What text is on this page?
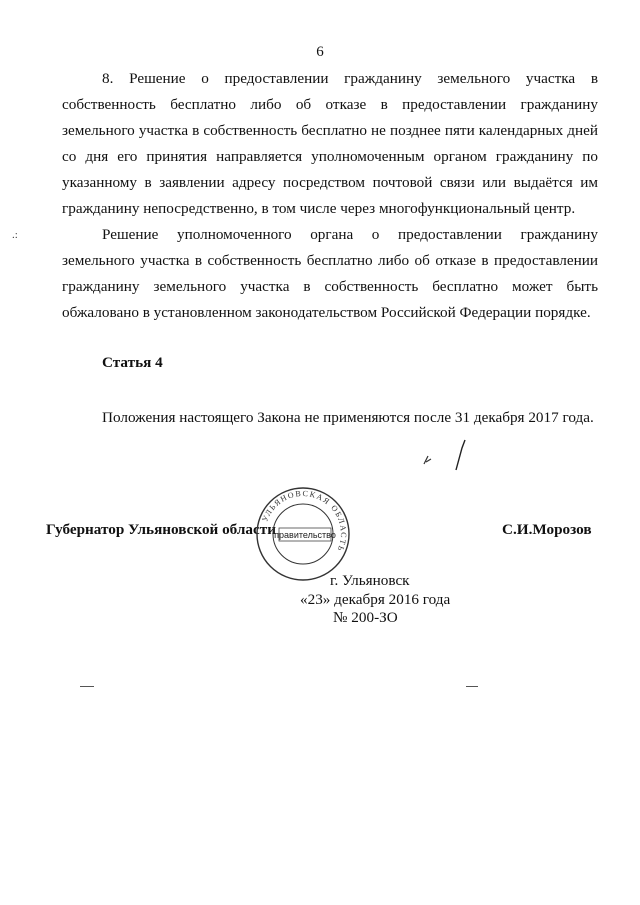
6
8. Решение о предоставлении гражданину земельного участка в собственность бесплатно либо об отказе в предоставлении гражданину земельного участка в собственность бесплатно не позднее пяти календарных дней со дня его принятия направляется уполномоченным органом гражданину по указанному в заявлении адресу посредством почтовой связи или выдаётся им гражданину непосредственно, в том числе через многофункциональный центр.
.:	Решение уполномоченного органа о предоставлении гражданину земельного участка в собственность бесплатно либо об отказе в предоставлении гражданину земельного участка в собственность бесплатно может быть обжаловано в установленном законодательством Российской Федерации порядке.
Статья 4
Положения настоящего Закона не применяются после 31 декабря 2017 года.
Губернатор Ульяновской области	С.И.Морозов
УЛЬЯНОВСКАЯ ОБЛАСТЬ
правительство
г. Ульяновск
«23» декабря 2016 года
№ 200-ЗО
